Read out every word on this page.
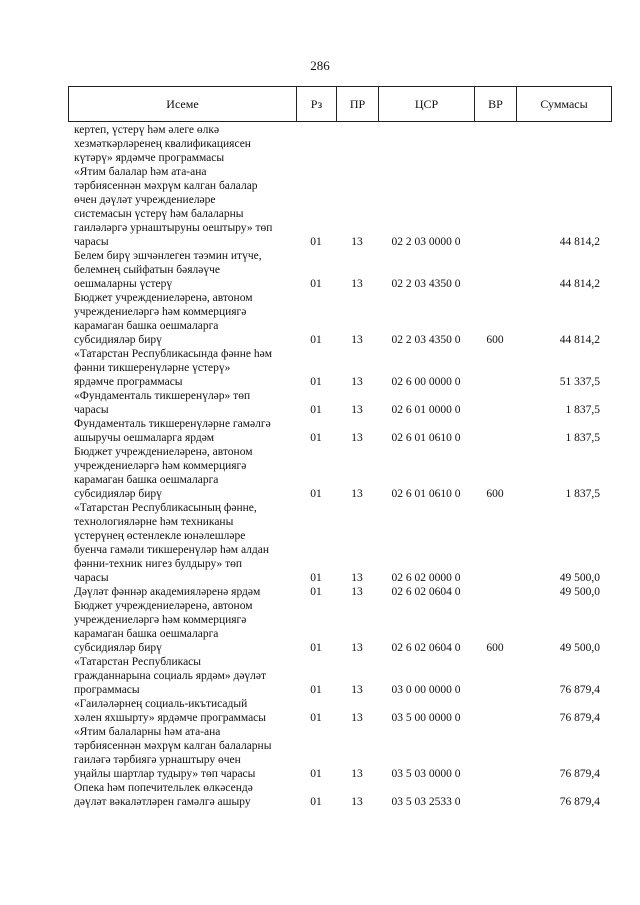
286
Исеме	Рз	ПР	ЦСР	ВР	Суммасы
кертеп, үстерү һәм әлеге өлкә
хезмәткәрләренең квалификациясен
күтәрү» ярдәмче программасы
«Ятим балалар һәм ата-ана
тәрбиясеннән мәхрүм калган балалар
өчен дәүләт учреждениеләре
системасын үстерү һәм балаларны
гаиләләргә урнаштыруны оештыру» төп
чарасы	01	13	02 2 03 0000 0	44 814,2
Белем бирү эшчәнлеген тәэмин итүче,
белемнең сыйфатын бәяләүче
оешмаларны үстерү	01	13	02 2 03 4350 0	44 814,2
Бюджет учреждениеләренә, автоном
учреждениеләргә һәм коммерциягә
карамаган башка оешмаларга
субсидияләр бирү	01	13	02 2 03 4350 0	600	44 814,2
«Татарстан Республикасында фәнне һәм
фәнни тикшеренүләрне үстерү»
ярдәмче программасы	01	13	02 6 00 0000 0	51 337,5
«Фундаменталь тикшеренүләр» төп
чарасы	01	13	02 6 01 0000 0	1 837,5
Фундаменталь тикшеренүләрне гамәлгә
ашыручы оешмаларга ярдәм	01	13	02 6 01 0610 0	1 837,5
Бюджет учреждениеләренә, автоном
учреждениеләргә һәм коммерциягә
карамаган башка оешмаларга
субсидияләр бирү	01	13	02 6 01 0610 0	600	1 837,5
«Татарстан Республикасының фәнне,
технологияләрне һәм техниканы
үстерүнең өстенлекле юнәлешләре
буенча гамәли тикшеренүләр һәм алдан
фәнни-техник нигез булдыру» төп
чарасы	01	13	02 6 02 0000 0	49 500,0
Дәүләт фәннәр академияләренә ярдәм	01	13	02 6 02 0604 0	49 500,0
Бюджет учреждениеләренә, автоном
учреждениеләргә һәм коммерциягә
карамаган башка оешмаларга
субсидияләр бирү	01	13	02 6 02 0604 0	600	49 500,0
«Татарстан Республикасы
гражданнарына социаль ярдәм» дәүләт
программасы	01	13	03 0 00 0000 0	76 879,4
«Гаиләләрнең социаль-икътисадый
хәлен яхшырту» ярдәмче программасы	01	13	03 5 00 0000 0	76 879,4
«Ятим балаларны һәм ата-ана
тәрбиясеннән мәхрүм калган балаларны
гаиләгә тәрбиягә урнаштыру өчен
уңайлы шартлар тудыру» төп чарасы	01	13	03 5 03 0000 0	76 879,4
Опека һәм попечительлек өлкәсендә
дәүләт вәкаләтләрен гамәлгә ашыру	01	13	03 5 03 2533 0	76 879,4
